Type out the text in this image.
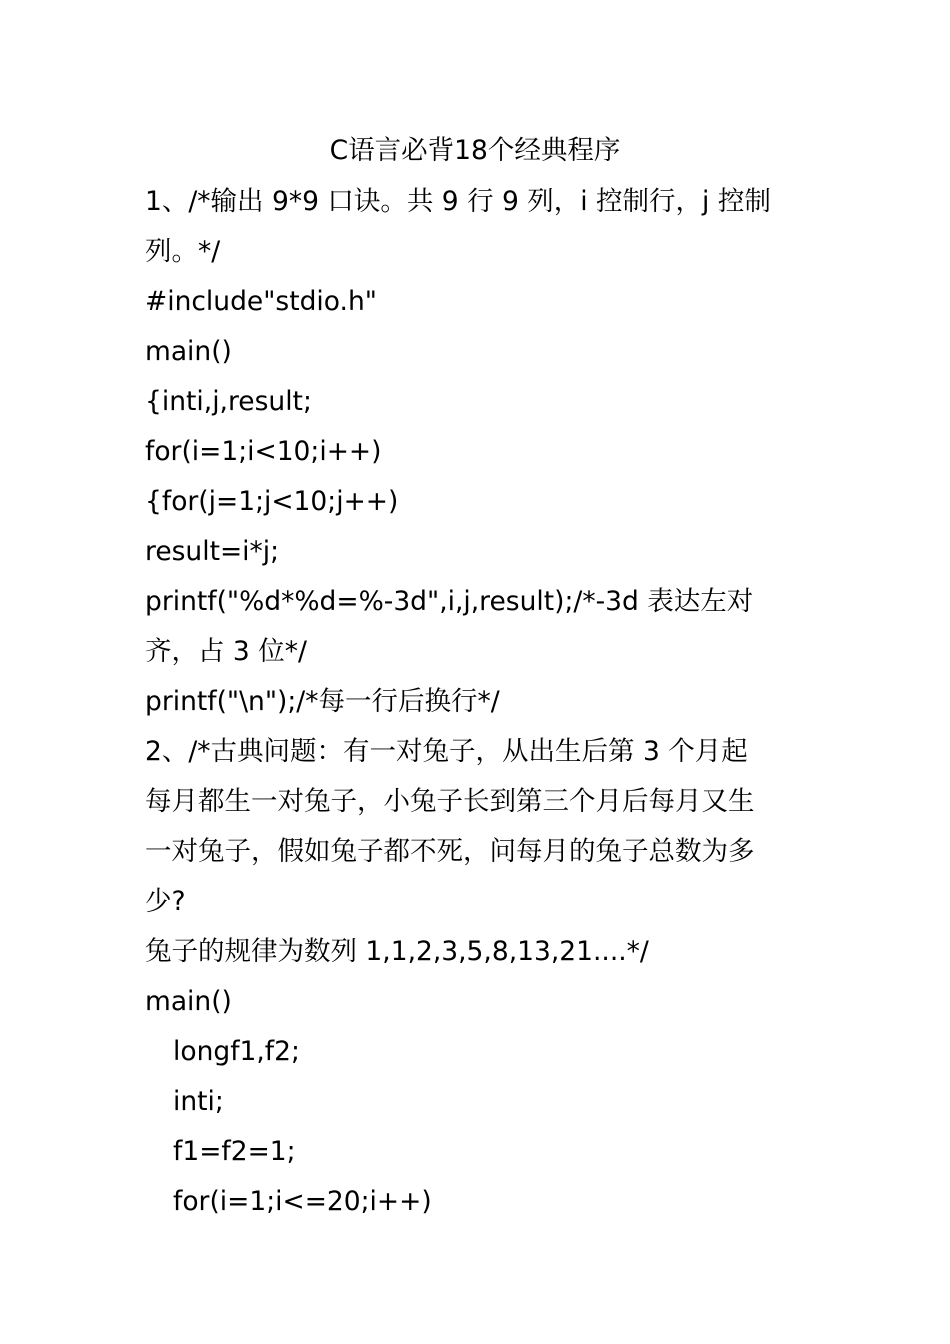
C语言必背18个经典程序
1、/*输出 9*9 口诀。共 9 行 9 列，i 控制行，j 控制
列。*/
#include"stdio.h"
main()
{inti,j,result;
for(i=1;i<10;i++)
{for(j=1;j<10;j++)
result=i*j;
printf("%d*%d=%-3d",i,j,result);/*-3d 表达左对
齐，占 3 位*/
printf("\n");/*每一行后换行*/
2、/*古典问题：有一对兔子，从出生后第 3 个月起
每月都生一对兔子，小兔子长到第三个月后每月又生
一对兔子，假如兔子都不死，问每月的兔子总数为多
少?
兔子的规律为数列 1,1,2,3,5,8,13,21....*/
main()
longf1,f2;
inti;
f1=f2=1;
for(i=1;i<=20;i++)
